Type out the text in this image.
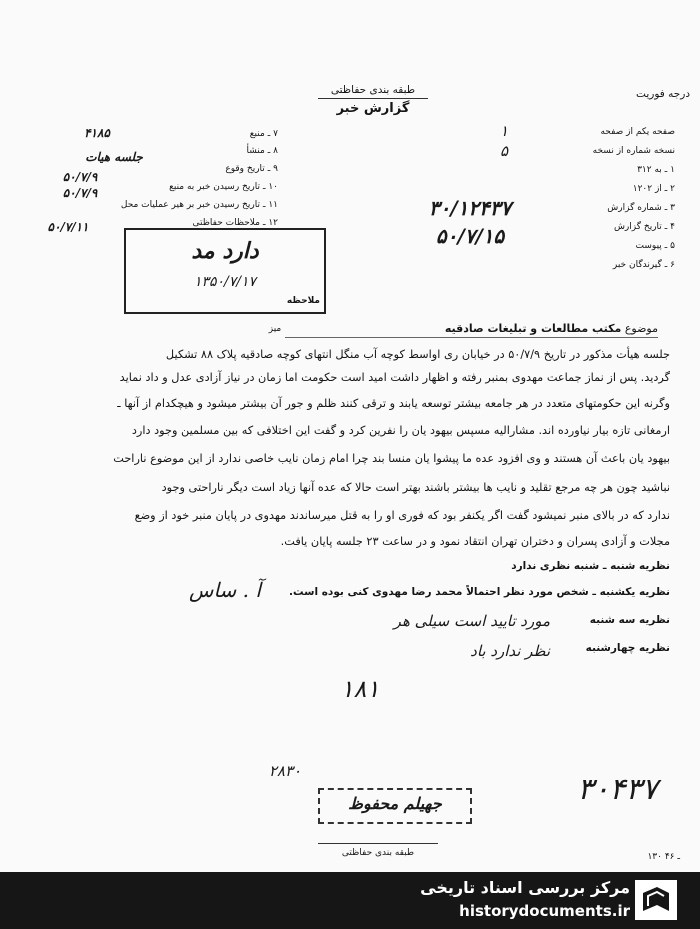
طبقه بندی حفاظتی
گزارش خبر
درجه فوریت
صفحه یکم از صفحه
نسخه شماره از نسخه
۱ ـ به ۳۱۲
۲ ـ از ۱۲۰۲
۳ ـ شماره گزارش
۴ ـ تاریخ گزارش
۵ ـ پیوست
۶ ـ گیرندگان خبر
۱
۵
۳۰/۱۲۴۳۷
۵۰/۷/۱۵
۷ ـ منبع
۸ ـ منشأ
۹ ـ تاریخ وقوع
۱۰ ـ تاریخ رسیدن خبر به منبع
۱۱ ـ تاریخ رسیدن خبر بر هیر عملیات محل
۱۲ ـ ملاحظات حفاظتی
۴۱۸۵
جلسه هیات
۵۰/۷/۹
۵۰/۷/۹
۵۰/۷/۱۱
دارد مد
۱۳۵۰/۷/۱۷
ملاحظه
میز	موضوع مکتب مطالعات و تبلیغات صادقیه
جلسه هیأت مذکور در تاریخ ۵۰/۷/۹ در خیابان ری اواسط کوچه آب منگل انتهای کوچه صادقیه پلاک ۸۸ تشکیل
گردید. پس از نماز جماعت مهدوی بمنبر رفته و اظهار داشت امید است حکومت اما زمان در نیاز آزادی عدل و داد نماید
وگرنه این حکومتهای متعدد در هر جامعه بیشتر توسعه یابند و ترقی کنند ظلم و جور آن بیشتر میشود و هیچکدام از آنها ـ
ارمغانی تازه بیار نیاورده اند. مشارالیه مسپس بیهود یان را نفرین کرد و گفت این اختلافی که بین مسلمین وجود دارد
بیهود یان باعث آن هستند و وی افزود عده ما پیشوا یان منسا بند چرا امام زمان نایب خاصی ندارد از این موضوع ناراحت
نباشید چون هر چه مرجع تقلید و نایب ها بیشتر باشند بهتر است حالا که عده آنها زیاد است دیگر ناراحتی وجود
ندارد که در بالای منبر نمیشود گفت اگر یکنفر بود که فوری او را به قتل میرساندند مهدوی در پایان منبر خود از وضع
مجلات و آزادی پسران و دختران تهران انتقاد نمود و در ساعت ۲۳ جلسه پایان یافت.
نظریه شنبه ـ شنبه نظری ندارد
نظریه یکشنبه ـ شخص مورد نظر احتمالاً محمد رضا مهدوی کنی بوده است.
نظریه سه شنبه
نظریه چهارشنبه
آ . ساس
مورد تایید است سیلی هر
نظر ندارد باد
۱۸۱
۳۰۴۳۷
۲۸۳۰
جهیلم محفوظ
طبقه بندی حفاظتی	۱۳۰ ـ ۴۶
مرکز بررسی اسناد تاریخی
historydocuments.ir
